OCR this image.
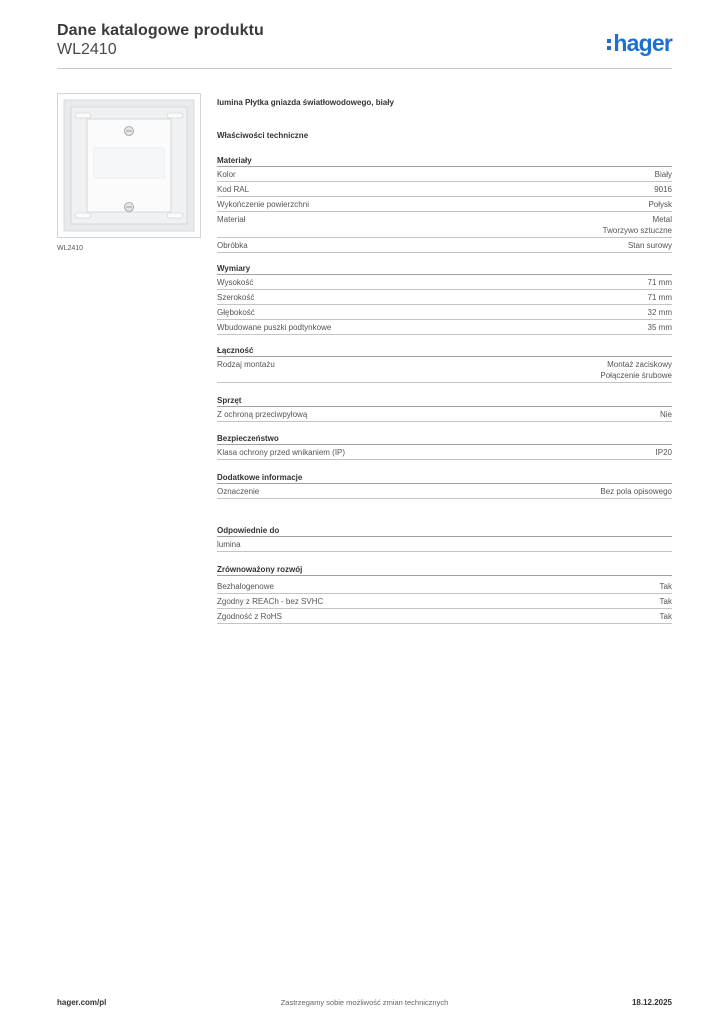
Dane katalogowe produktu
WL2410	hager
WL2410
lumina Płytka gniazda światłowodowego, biały
Właściwości techniczne
Materiały
Kolor	Biały
Kod RAL	9016
Wykończenie powierzchni	Połysk
Materiał	Metal
Tworzywo sztuczne
Obróbka	Stan surowy
Wymiary
Wysokość	71 mm
Szerokość	71 mm
Głębokość	32 mm
Wbudowane puszki podtynkowe	35 mm
Łączność
Rodzaj montażu	Montaż zaciskowy
Połączenie śrubowe
Sprzęt
Z ochroną przeciwpyłową	Nie
Bezpieczeństwo
Klasa ochrony przed wnikaniem (IP)	IP20
Dodatkowe informacje
Oznaczenie	Bez pola opisowego
Odpowiednie do
lumina
Zrównoważony rozwój
Bezhalogenowe	Tak
Zgodny z REACh - bez SVHC	Tak
Zgodność z RoHS	Tak
Zastrzegamy sobie możliwość zmian technicznych
hager.com/pl	18.12.2025
